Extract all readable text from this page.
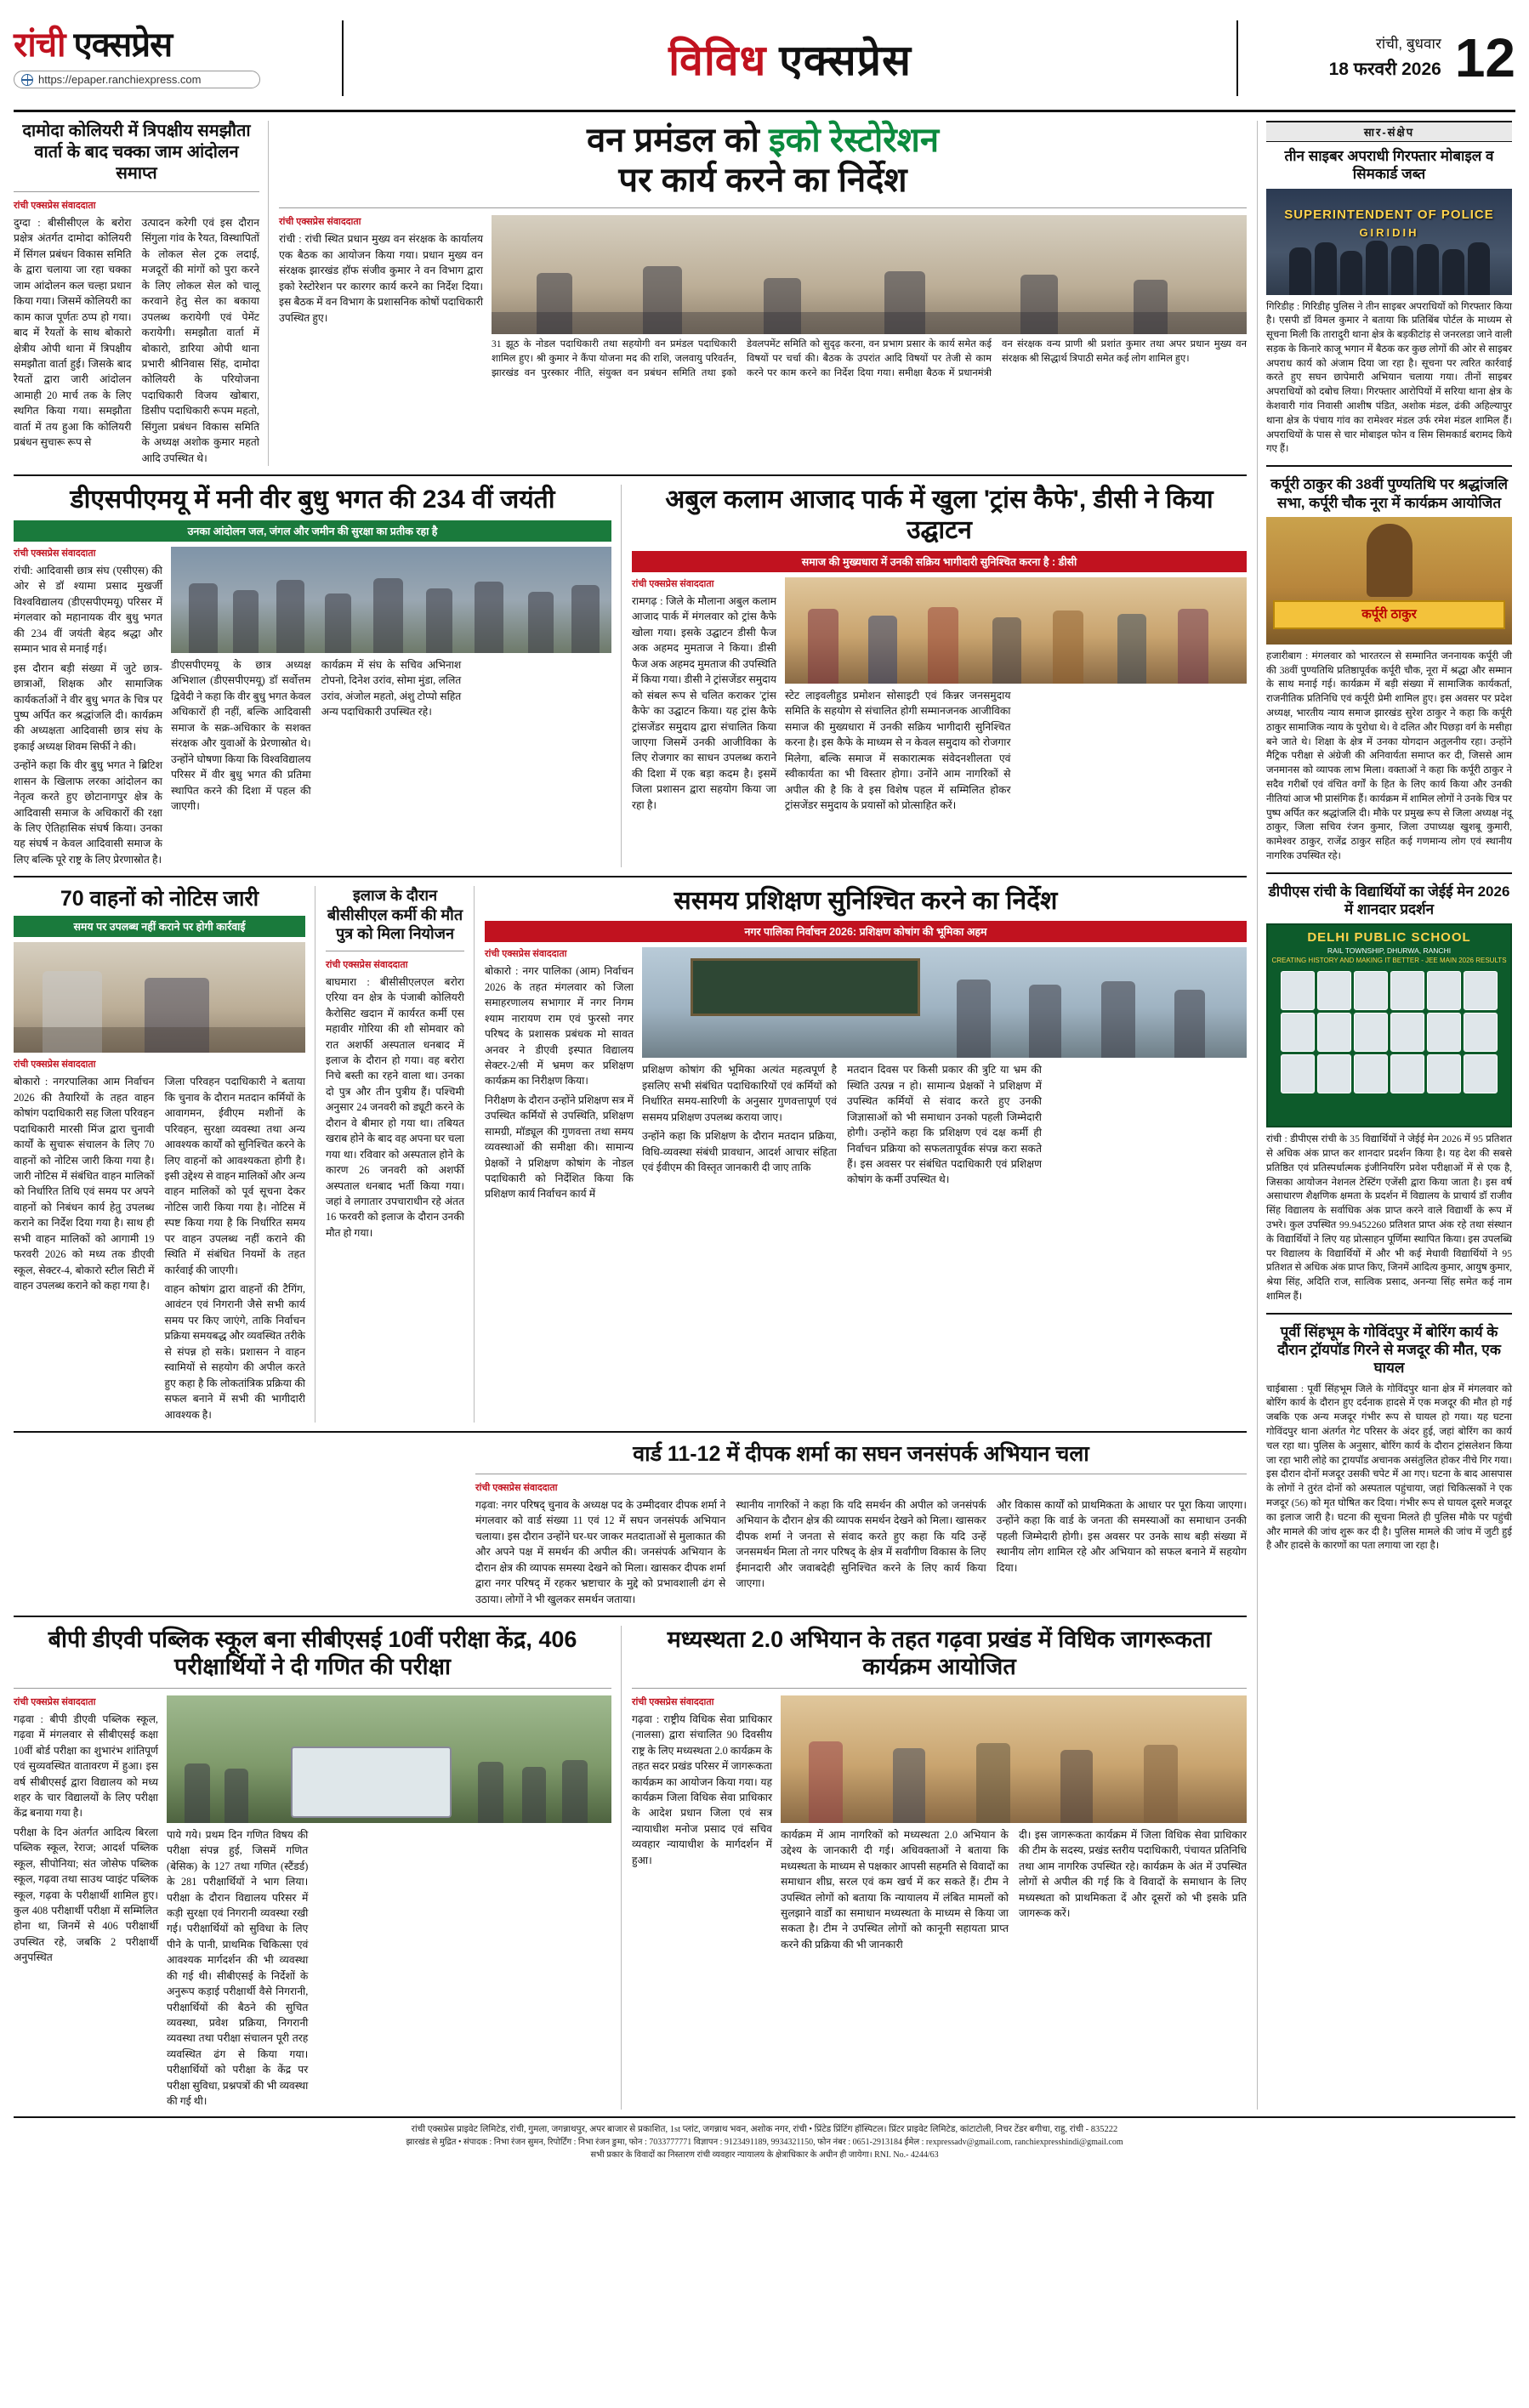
रांची एक्सप्रेस
https://epaper.ranchiexpress.com	विविध एक्सप्रेस	रांची, बुधवार
18 फरवरी 2026 12
दामोदा कोलियरी में त्रिपक्षीय समझौता वार्ता के बाद चक्का जाम आंदोलन समाप्त
रांची एक्सप्रेस संवाददाता
दुग्दा : बीसीसीएल के बरोरा प्रक्षेत्र अंतर्गत दामोदा कोलियरी में सिंगल प्रबंधन विकास समिति के द्वारा चलाया जा रहा चक्का जाम आंदोलन कल चल्हा प्रधान किया गया। जिसमें कोलियरी का काम काज पूर्णतः ठप्प हो गया। बाद में रैयतों के साथ बोकारो क्षेत्रीय ओपी थाना में त्रिपक्षीय समझौता वार्ता हुई। जिसके बाद रैयतों द्वारा जारी आंदोलन आमाही 20 मार्च तक के लिए स्थगित किया गया। समझौता वार्ता में तय हुआ कि कोलियरी प्रबंधन सुचारू रूप से
उत्पादन करेगी एवं इस दौरान सिंगुला गांव के रैयत, विस्थापितों के लोकल सेल ट्रक लदाई, मजदूरों की मांगों को पुरा करने के लिए लोकल सेल को चालू करवाने हेतु सेल का बकाया उपलब्ध करायेगी एवं पेमेंट करायेगी। समझौता वार्ता में बोकारो, डारिया ओपी थाना प्रभारी श्रीनिवास सिंह, दामोदा कोलियरी के परियोजना पदाधिकारी विजय खोबारा, डिसीप पदाधिकारी रूपम महतो, सिंगुला प्रबंधन विकास समिति के अध्यक्ष अशोक कुमार महतो आदि उपस्थित थे।
वन प्रमंडल को इको रेस्टोरेशन
पर कार्य करने का निर्देश
रांची एक्सप्रेस संवाददाता
रांची : रांची स्थित प्रधान मुख्य वन संरक्षक के कार्यालय एक बैठक का आयोजन किया गया। प्रधान मुख्य वन संरक्षक झारखंड हॉफ संजीव कुमार ने वन विभाग द्वारा इको रेस्टोरेशन पर कारगर कार्य करने का निर्देश दिया। इस बैठक में वन विभाग के प्रशासनिक कोषों पदाधिकारी उपस्थित हुए।
31 झूठ के नोडल पदाधिकारी तथा सहयोगी वन प्रमंडल पदाधिकारी शामिल हुए। श्री कुमार ने कैंपा योजना मद की राशि, जलवायु परिवर्तन, झारखंड वन पुरस्कार नीति, संयुक्त वन प्रबंधन समिति तथा इको डेवलपमेंट समिति को सुदृढ़ करना, वन प्रभाग प्रसार के कार्य समेत कई विषयों पर चर्चा की। बैठक के उपरांत आदि विषयों पर तेजी से काम करने पर काम करने का निर्देश दिया गया। समीक्षा बैठक में प्रधानमंत्री वन संरक्षक वन्य प्राणी श्री प्रशांत कुमार तथा अपर प्रधान मुख्य वन संरक्षक श्री सिद्धार्थ त्रिपाठी समेत कई लोग शामिल हुए।
डीएसपीएमयू में मनी वीर बुधु भगत की 234 वीं जयंती
उनका आंदोलन जल, जंगल और जमीन की सुरक्षा का प्रतीक रहा है
रांची एक्सप्रेस संवाददाता
रांची: आदिवासी छात्र संघ (एसीएस) की ओर से डॉ श्यामा प्रसाद मुखर्जी विश्वविद्यालय (डीएसपीएमयू) परिसर में मंगलवार को महानायक वीर बुधु भगत की 234 वीं जयंती बेहद श्रद्धा और सम्मान भाव से मनाई गई।
इस दौरान बड़ी संख्या में जुटे छात्र-छात्राओं, शिक्षक और सामाजिक कार्यकर्ताओं ने वीर बुधु भगत के चित्र पर पुष्प अर्पित कर श्रद्धांजलि दी। कार्यक्रम की अध्यक्षता आदिवासी छात्र संघ के इकाई अध्यक्ष शिवम सिर्फी ने की।
उन्होंने कहा कि वीर बुधु भगत ने ब्रिटिश शासन के खिलाफ लरका आंदोलन का नेतृत्व करते हुए छोटानागपुर क्षेत्र के आदिवासी समाज के अधिकारों की रक्षा के लिए ऐतिहासिक संघर्ष किया। उनका यह संघर्ष न केवल आदिवासी समाज के लिए बल्कि पूरे राष्ट्र के लिए प्रेरणास्रोत है।
डीएसपीएमयू के छात्र अध्यक्ष अभिशाल (डीएसपीएमयू) डॉ सर्वोत्तम द्विवेदी ने कहा कि वीर बुधु भगत केवल अधिकारों ही नहीं, बल्कि आदिवासी समाज के सक्र-अधिकार के सशक्त संरक्षक और युवाओं के प्रेरणास्रोत थे। उन्होंने घोषणा किया कि विश्वविद्यालय परिसर में वीर बुधु भगत की प्रतिमा स्थापित करने की दिशा में पहल की जाएगी।
कार्यक्रम में संघ के सचिव अभिनाश टोपनो, दिनेश उरांव, सोमा मुंडा, ललित उरांव, अंजोल महतो, अंशु टोप्पो सहित अन्य पदाधिकारी उपस्थित रहे।
अबुल कलाम आजाद पार्क में खुला 'ट्रांस कैफे', डीसी ने किया उद्घाटन
समाज की मुख्यधारा में उनकी सक्रिय भागीदारी सुनिश्चित करना है : डीसी
रांची एक्सप्रेस संवाददाता
रामगढ़ : जिले के मौलाना अबुल कलाम आजाद पार्क में मंगलवार को ट्रांस कैफे खोला गया। इसके उद्घाटन डीसी फैज अक अहमद मुमताज ने किया। डीसी फैज अक अहमद मुमताज की उपस्थिति में किया गया। डीसी ने ट्रांसजेंडर समुदाय को संबल रूप से चलित कराकर 'ट्रांस कैफे' का उद्घाटन किया। यह ट्रांस कैफे ट्रांसजेंडर समुदाय द्वारा संचालित किया जाएगा जिसमें उनकी आजीविका के लिए रोजगार का साधन उपलब्ध कराने की दिशा में एक बड़ा कदम है। इसमें जिला प्रशासन द्वारा सहयोग किया जा रहा है।
स्टेट लाइवलीहुड प्रमोशन सोसाइटी एवं किन्नर जनसमुदाय समिति के सहयोग से संचालित होगी सम्मानजनक आजीविका समाज की मुख्यधारा में उनकी सक्रिय भागीदारी सुनिश्चित करना है। इस कैफे के माध्यम से न केवल समुदाय को रोजगार मिलेगा, बल्कि समाज में सकारात्मक संवेदनशीलता एवं स्वीकार्यता का भी विस्तार होगा। उनोंने आम नागरिकों से अपील की है कि वे इस विशेष पहल में सम्मिलित होकर ट्रांसजेंडर समुदाय के प्रयासों को प्रोत्साहित करें।
70 वाहनों को नोटिस जारी
समय पर उपलब्ध नहीं कराने पर होगी कार्रवाई
रांची एक्सप्रेस संवाददाता
बोकारो : नगरपालिका आम निर्वाचन 2026 की तैयारियों के तहत वाहन कोषांग पदाधिकारी सह जिला परिवहन पदाधिकारी मारसी मिंज द्वारा चुनावी कार्यों के सुचारू संचालन के लिए 70 वाहनों को नोटिस जारी किया गया है। जारी नोटिस में संबंधित वाहन मालिकों को निर्धारित तिथि एवं समय पर अपने वाहनों को निबंधन कार्य हेतु उपलब्ध कराने का निर्देश दिया गया है। साथ ही सभी वाहन मालिकों को आगामी 19 फरवरी 2026 को मध्य तक डीएवी स्कूल, सेक्टर-4, बोकारो स्टील सिटी में वाहन उपलब्ध कराने को कहा गया है।
जिला परिवहन पदाधिकारी ने बताया कि चुनाव के दौरान मतदान कर्मियों के आवागमन, ईवीएम मशीनों के परिवहन, सुरक्षा व्यवस्था तथा अन्य आवश्यक कार्यों को सुनिश्चित करने के लिए वाहनों को आवश्यकता होगी है। इसी उद्देश्य से वाहन मालिकों और अन्य वाहन मालिकों को पूर्व सूचना देकर नोटिस जारी किया गया है। नोटिस में स्पष्ट किया गया है कि निर्धारित समय पर वाहन उपलब्ध नहीं कराने की स्थिति में संबंधित नियमों के तहत कार्रवाई की जाएगी।
वाहन कोषांग द्वारा वाहनों की टैगिंग, आवंटन एवं निगरानी जैसे सभी कार्य समय पर किए जाएंगे, ताकि निर्वाचन प्रक्रिया समयबद्ध और व्यवस्थित तरीके से संपन्न हो सके। प्रशासन ने वाहन स्वामियों से सहयोग की अपील करते हुए कहा है कि लोकतांत्रिक प्रक्रिया की सफल बनाने में सभी की भागीदारी आवश्यक है।
इलाज के दौरान बीसीसीएल कर्मी की मौत पुत्र को मिला नियोजन
रांची एक्सप्रेस संवाददाता
बाघमारा : बीसीसीएलएल बरोरा एरिया वन क्षेत्र के पंजाबी कोलियरी कैरोसिट खदान में कार्यरत कर्मी एस महावीर गोरिया की शौ सोमवार को रात अशर्फी अस्पताल धनबाद में इलाज के दौरान हो गया। वह बरोरा निचे बस्ती का रहने वाला था। उनका दो पुत्र और तीन पुत्रीय हैं। पश्चिमी अनुसार 24 जनवरी को ड्यूटी करने के दौरान वे बीमार हो गया था। तबियत खराब होने के बाद वह अपना घर चला गया था। रविवार को अस्पताल होने के कारण 26 जनवरी को अशर्फी अस्पताल धनबाद भर्ती किया गया। जहां वे लगातार उपचाराधीन रहे अंतत 16 फरवरी को इलाज के दौरान उनकी मौत हो गया।
ससमय प्रशिक्षण सुनिश्चित करने का निर्देश
नगर पालिका निर्वाचन 2026: प्रशिक्षण कोषांग की भूमिका अहम
रांची एक्सप्रेस संवाददाता
बोकारो : नगर पालिका (आम) निर्वाचन 2026 के तहत मंगलवार को जिला समाहरणालय सभागार में नगर निगम श्याम नारायण राम एवं फुरसो नगर परिषद के प्रशासक प्रबंधक मो सावत अनवर ने डीएवी इस्पात विद्यालय सेक्टर-2/सी में भ्रमण कर प्रशिक्षण कार्यक्रम का निरीक्षण किया।
निरीक्षण के दौरान उन्होंने प्रशिक्षण सत्र में उपस्थित कर्मियों से उपस्थिति, प्रशिक्षण सामग्री, मॉड्यूल की गुणवत्ता तथा समय व्यवस्थाओं की समीक्षा की। सामान्य प्रेक्षकों ने प्रशिक्षण कोषांग के नोडल पदाधिकारी को निर्देशित किया कि प्रशिक्षण कार्य निर्वाचन कार्य में
प्रशिक्षण कोषांग की भूमिका अत्यंत महत्वपूर्ण है इसलिए सभी संबंधित पदाधिकारियों एवं कर्मियों को निर्धारित समय-सारिणी के अनुसार गुणवत्तापूर्ण एवं ससमय प्रशिक्षण उपलब्ध कराया जाए।
उन्होंने कहा कि प्रशिक्षण के दौरान मतदान प्रक्रिया, विधि-व्यवस्था संबंधी प्रावधान, आदर्श आचार संहिता एवं ईवीएम की विस्तृत जानकारी दी जाए ताकि
मतदान दिवस पर किसी प्रकार की त्रुटि या भ्रम की स्थिति उत्पन्न न हो। सामान्य प्रेक्षकों ने प्रशिक्षण में उपस्थित कर्मियों से संवाद करते हुए उनकी जिज्ञासाओं को भी समाधान उनको पहली जिम्मेदारी होगी। उन्होंने कहा कि प्रशिक्षण एवं दक्ष कर्मी ही निर्वाचन प्रक्रिया को सफलतापूर्वक संपन्न करा सकते हैं। इस अवसर पर संबंधित पदाधिकारी एवं प्रशिक्षण कोषांग के कर्मी उपस्थित थे।
वार्ड 11-12 में दीपक शर्मा का सघन जनसंपर्क अभियान चला
रांची एक्सप्रेस संवाददाता
गढ़वा: नगर परिषद् चुनाव के अध्यक्ष पद के उम्मीदवार दीपक शर्मा ने मंगलवार को वार्ड संख्या 11 एवं 12 में सघन जनसंपर्क अभियान चलाया। इस दौरान उन्होंने घर-घर जाकर मतदाताओं से मुलाकात की और अपने पक्ष में समर्थन की अपील की। जनसंपर्क अभियान के दौरान क्षेत्र की व्यापक समस्या देखने को मिला। खासकर दीपक शर्मा द्वारा नगर परिषद् में रहकर भ्रष्टाचार के मुद्दे को प्रभावशाली ढंग से उठाया। लोगों ने भी खुलकर समर्थन जताया।
स्थानीय नागरिकों ने कहा कि यदि समर्थन की अपील को जनसंपर्क अभियान के दौरान क्षेत्र की व्यापक समर्थन देखने को मिला। खासकर दीपक शर्मा ने जनता से संवाद करते हुए कहा कि यदि उन्हें जनसमर्थन मिला तो नगर परिषद् के क्षेत्र में सर्वांगीण विकास के लिए ईमानदारी और जवाबदेही सुनिश्चित करने के लिए कार्य किया जाएगा।
और विकास कार्यों को प्राथमिकता के आधार पर पूरा किया जाएगा। उन्होंने कहा कि वार्ड के जनता की समस्याओं का समाधान उनकी पहली जिम्मेदारी होगी। इस अवसर पर उनके साथ बड़ी संख्या में स्थानीय लोग शामिल रहे और अभियान को सफल बनाने में सहयोग दिया।
बीपी डीएवी पब्लिक स्कूल बना सीबीएसई 10वीं परीक्षा केंद्र, 406 परीक्षार्थियों ने दी गणित की परीक्षा
रांची एक्सप्रेस संवाददाता
गढ़वा : बीपी डीएवी पब्लिक स्कूल, गढ़वा में मंगलवार से सीबीएसई कक्षा 10वीं बोर्ड परीक्षा का शुभारंभ शांतिपूर्ण एवं सुव्यवस्थित वातावरण में हुआ। इस वर्ष सीबीएसई द्वारा विद्यालय को मध्य शहर के चार विद्यालयों के लिए परीक्षा केंद्र बनाया गया है।
परीक्षा के दिन अंतर्गत आदित्य बिरला पब्लिक स्कूल, रेराज; आदर्श पब्लिक स्कूल, सीपोनिया; संत जोसेफ पब्लिक स्कूल, गढ़वा तथा साउथ प्वाइंट पब्लिक स्कूल, गढ़वा के परीक्षार्थी शामिल हुए। कुल 408 परीक्षार्थी परीक्षा में सम्मिलित होना था, जिनमें से 406 परीक्षार्थी उपस्थित रहे, जबकि 2 परीक्षार्थी अनुपस्थित
पाये गये। प्रथम दिन गणित विषय की परीक्षा संपन्न हुई, जिसमें गणित (बेसिक) के 127 तथा गणित (स्टैंडर्ड) के 281 परीक्षार्थियों ने भाग लिया। परीक्षा के दौरान विद्यालय परिसर में कड़ी सुरक्षा एवं निगरानी व्यवस्था रखी गई। परीक्षार्थियों को सुविधा के लिए पीने के पानी, प्राथमिक चिकित्सा एवं आवश्यक मार्गदर्शन की भी व्यवस्था की गई थी। सीबीएसई के निर्देशों के अनुरूप कड़ाई परीक्षार्थी वैसे निगरानी, परीक्षार्थियों की बैठने की सुचित व्यवस्था, प्रवेश प्रक्रिया, निगरानी व्यवस्था तथा परीक्षा संचालन पूरी तरह व्यवस्थित ढंग से किया गया। परीक्षार्थियों को परीक्षा के केंद्र पर परीक्षा सुविधा, प्रश्नपत्रों की भी व्यवस्था की गई थी।
मध्यस्थता 2.0 अभियान के तहत गढ़वा प्रखंड में विधिक जागरूकता कार्यक्रम आयोजित
रांची एक्सप्रेस संवाददाता
गढ़वा : राष्ट्रीय विधिक सेवा प्राधिकार (नालसा) द्वारा संचालित 90 दिवसीय राष्ट्र के लिए मध्यस्थता 2.0 कार्यक्रम के तहत सदर प्रखंड परिसर में जागरूकता कार्यक्रम का आयोजन किया गया। यह कार्यक्रम जिला विधिक सेवा प्राधिकार के आदेश प्रधान जिला एवं सत्र न्यायाधीश मनोज प्रसाद एवं सचिव व्यवहार न्यायाधीश के मार्गदर्शन में हुआ।
कार्यक्रम में आम नागरिकों को मध्यस्थता 2.0 अभियान के उद्देश्य के जानकारी दी गई। अधिवक्ताओं ने बताया कि मध्यस्थता के माध्यम से पक्षकार आपसी सहमति से विवादों का समाधान शीघ्र, सरल एवं कम खर्च में कर सकते हैं। टीम ने उपस्थित लोगों को बताया कि न्यायालय में लंबित मामलों को सुलझाने वार्डों का समाधान मध्यस्थता के माध्यम से किया जा सकता है। टीम ने उपस्थित लोगों को कानूनी सहायता प्राप्त करने की प्रक्रिया की भी जानकारी
दी। इस जागरूकता कार्यक्रम में जिला विधिक सेवा प्राधिकार की टीम के सदस्य, प्रखंड स्तरीय पदाधिकारी, पंचायत प्रतिनिधि तथा आम नागरिक उपस्थित रहे। कार्यक्रम के अंत में उपस्थित लोगों से अपील की गई कि वे विवादों के समाधान के लिए मध्यस्थता को प्राथमिकता दें और दूसरों को भी इसके प्रति जागरूक करें।
सार-संक्षेप
तीन साइबर अपराधी गिरफ्तार मोबाइल व सिमकार्ड जब्त
SUPERINTENDENT OF POLICE
GIRIDIH
गिरिडीह : गिरिडीह पुलिस ने तीन साइबर अपराधियों को गिरफ्तार किया है। एसपी डॉ विमल कुमार ने बताया कि प्रतिबिंब पोर्टल के माध्यम से सूचना मिली कि तारादुरी थाना क्षेत्र के बड़कीटांड़ से जनरलडा जाने वाली सड़क के किनारे काजू भगान में बैठक कर कुछ लोगों की ओर से साइबर अपराध कार्य को अंजाम दिया जा रहा है। सूचना पर त्वरित कार्रवाई करते हुए सघन छापेमारी अभियान चलाया गया। तीनों साइबर अपराधियों को दबोच लिया। गिरफ्तार आरोपियों में सरिया थाना क्षेत्र के केशवारी गांव निवासी आशीष पंडित, अशोक मंडल, ढंकी अहिल्यापुर थाना क्षेत्र के पंचाय गांव का रामेश्वर मंडल उर्फ रमेश मंडल शामिल हैं। अपराधियों के पास से चार मोबाइल फोन व सिम सिमकार्ड बरामद किये गए हैं।
कर्पूरी ठाकुर की 38वीं पुण्यतिथि पर श्रद्धांजलि सभा, कर्पूरी चौक नूरा में कार्यक्रम आयोजित
कर्पूरी ठाकुर
हजारीबाग : मंगलवार को भारतरत्न से सम्मानित जननायक कर्पूरी जी की 38वीं पुण्यतिथि प्रतिष्ठापूर्वक कर्पूरी चौक, नूरा में श्रद्धा और सम्मान के साथ मनाई गई। कार्यक्रम में बड़ी संख्या में सामाजिक कार्यकर्ता, राजनीतिक प्रतिनिधि एवं कर्पूरी प्रेमी शामिल हुए। इस अवसर पर प्रदेश अध्यक्ष, भारतीय न्याय समाज झारखंड सुरेश ठाकुर ने कहा कि कर्पूरी ठाकुर सामाजिक न्याय के पुरोधा थे। वे दलित और पिछड़ा वर्ग के मसीहा बने जाते थे। शिक्षा के क्षेत्र में उनका योगदान अतुलनीय रहा। उन्होंने मैट्रिक परीक्षा से अंग्रेजी की अनिवार्यता समाप्त कर दी, जिससे आम जनमानस को व्यापक लाभ मिला। वक्ताओं ने कहा कि कर्पूरी ठाकुर ने सदैव गरीबों एवं वंचित वर्गों के हित के लिए कार्य किया और उनकी नीतियां आज भी प्रासंगिक हैं। कार्यक्रम में शामिल लोगों ने उनके चित्र पर पुष्प अर्पित कर श्रद्धांजलि दी। मौके पर प्रमुख रूप से जिला अध्यक्ष नंदू ठाकुर, जिला सचिव रंजन कुमार, जिला उपाध्यक्ष खुशबू कुमारी, कामेश्वर ठाकुर, राजेंद्र ठाकुर सहित कई गणमान्य लोग एवं स्थानीय नागरिक उपस्थित रहे।
डीपीएस रांची के विद्यार्थियों का जेईई मेन 2026 में शानदार प्रदर्शन
DELHI PUBLIC SCHOOL
RAIL TOWNSHIP, DHURWA, RANCHI
CREATING HISTORY AND MAKING IT BETTER - JEE MAIN 2026 RESULTS
रांची : डीपीएस रांची के 35 विद्यार्थियों ने जेईई मेन 2026 में 95 प्रतिशत से अधिक अंक प्राप्त कर शानदार प्रदर्शन किया है। यह देश की सबसे प्रतिष्ठित एवं प्रतिस्पर्धात्मक इंजीनियरिंग प्रवेश परीक्षाओं में से एक है, जिसका आयोजन नेशनल टेस्टिंग एजेंसी द्वारा किया जाता है। इस वर्ष असाधारण शैक्षणिक क्षमता के प्रदर्शन में विद्यालय के प्राचार्य डॉ राजीव सिंह विद्यालय के सर्वाधिक अंक प्राप्त करने वाले विद्यार्थी के रूप में उभरे। कुल उपस्थित 99.9452260 प्रतिशत प्राप्त अंक रहे तथा संस्थान के विद्यार्थियों ने लिए यह प्रोत्साहन पूर्णिमा स्थापित किया। इस उपलब्धि पर विद्यालय के विद्यार्थियों में और भी कई मेधावी विद्यार्थियों ने 95 प्रतिशत से अधिक अंक प्राप्त किए, जिनमें आदित्य कुमार, आयुष कुमार, श्रेया सिंह, अदिति राज, सात्विक प्रसाद, अनन्या सिंह समेत कई नाम शामिल हैं।
पूर्वी सिंहभूम के गोविंदपुर में बोरिंग कार्य के दौरान ट्रॉयपॉड गिरने से मजदूर की मौत, एक घायल
चाईबासा : पूर्वी सिंहभूम जिले के गोविंदपुर थाना क्षेत्र में मंगलवार को बोरिंग कार्य के दौरान हुए दर्दनाक हादसे में एक मजदूर की मौत हो गई जबकि एक अन्य मजदूर गंभीर रूप से घायल हो गया। यह घटना गोविंदपुर थाना अंतर्गत गेट परिसर के अंदर हुई, जहां बोरिंग का कार्य चल रहा था। पुलिस के अनुसार, बोरिंग कार्य के दौरान ट्रांसलेशन किया जा रहा भारी लोहे का ट्रायपॉड अचानक असंतुलित होकर नीचे गिर गया। इस दौरान दोनों मजदूर उसकी चपेट में आ गए। घटना के बाद आसपास के लोगों ने तुरंत दोनों को अस्पताल पहुंचाया, जहां चिकित्सकों ने एक मजदूर (56) को मृत घोषित कर दिया। गंभीर रूप से घायल दूसरे मजदूर का इलाज जारी है। घटना की सूचना मिलते ही पुलिस मौके पर पहुंची और मामले की जांच शुरू कर दी है। पुलिस मामले की जांच में जुटी हुई है और हादसे के कारणों का पता लगाया जा रहा है।
रांची एक्सप्रेस प्राइवेट लिमिटेड, रांची, गुमला, जगन्नाथपुर, अपर बाजार से प्रकाशित, 1st प्लांट, जगन्नाथ भवन, अशोक नगर, रांची • प्रिंटेड प्रिंटिंग हॉस्पिटल। प्रिंटर प्राइवेट लिमिटेड, कांटाटोली, निचर टेंडर बगीचा, राहु, रांची - 835222
झारखंड से मुद्रित • संपादक : निभा रंजन सुमन, रिपोर्टिंग : निभा रंजन ङुमा, फोन : 7033777771 विज्ञापन : 9123491189, 9934321150, फोन नंबर : 0651-2913184 ईमेल : rexpressadv@gmail.com, ranchiexpresshindi@gmail.com
सभी प्रकार के विवादों का निस्तारण रांची व्यवहार न्यायालय के क्षेत्राधिकार के अधीन ही जायेगा। RNI. No.- 4244/63
